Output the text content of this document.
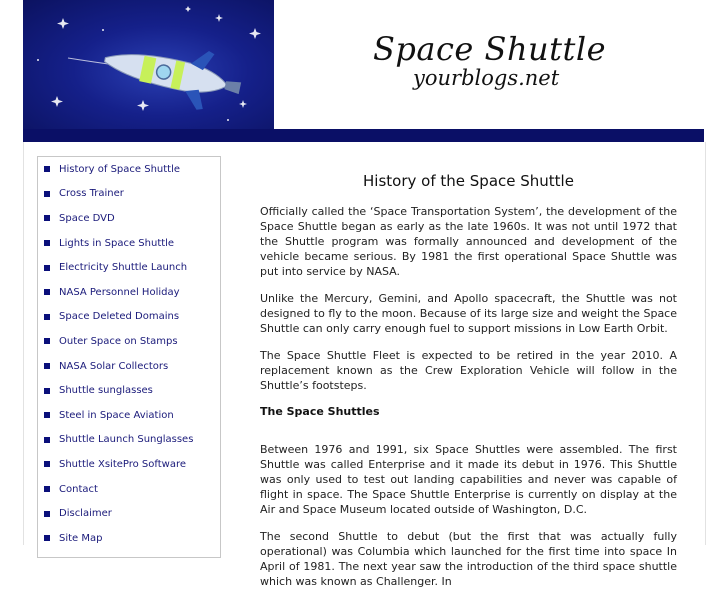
Space Shuttle
yourblogs.net
History of Space Shuttle
Cross Trainer
Space DVD
Lights in Space Shuttle
Electricity Shuttle Launch
NASA Personnel Holiday
Space Deleted Domains
Outer Space on Stamps
NASA Solar Collectors
Shuttle sunglasses
Steel in Space Aviation
Shuttle Launch Sunglasses
Shuttle XsitePro Software
Contact
Disclaimer
Site Map
History of the Space Shuttle

Officially called the ‘Space Transportation System’, the development of the Space Shuttle began as early as the late 1960s. It was not until 1972 that the Shuttle program was formally announced and development of the vehicle became serious. By 1981 the first operational Space Shuttle was put into service by NASA.

Unlike the Mercury, Gemini, and Apollo spacecraft, the Shuttle was not designed to fly to the moon. Because of its large size and weight the Space Shuttle can only carry enough fuel to support missions in Low Earth Orbit.

The Space Shuttle Fleet is expected to be retired in the year 2010. A replacement known as the Crew Exploration Vehicle will follow in the Shuttle’s footsteps.

The Space Shuttles

Between 1976 and 1991, six Space Shuttles were assembled. The first Shuttle was called Enterprise and it made its debut in 1976. This Shuttle was only used to test out landing capabilities and never was capable of flight in space. The Space Shuttle Enterprise is currently on display at the Air and Space Museum located outside of Washington, D.C.

The second Shuttle to debut (but the first that was actually fully operational) was Columbia which launched for the first time into space In April of 1981. The next year saw the introduction of the third space shuttle which was known as Challenger. In
